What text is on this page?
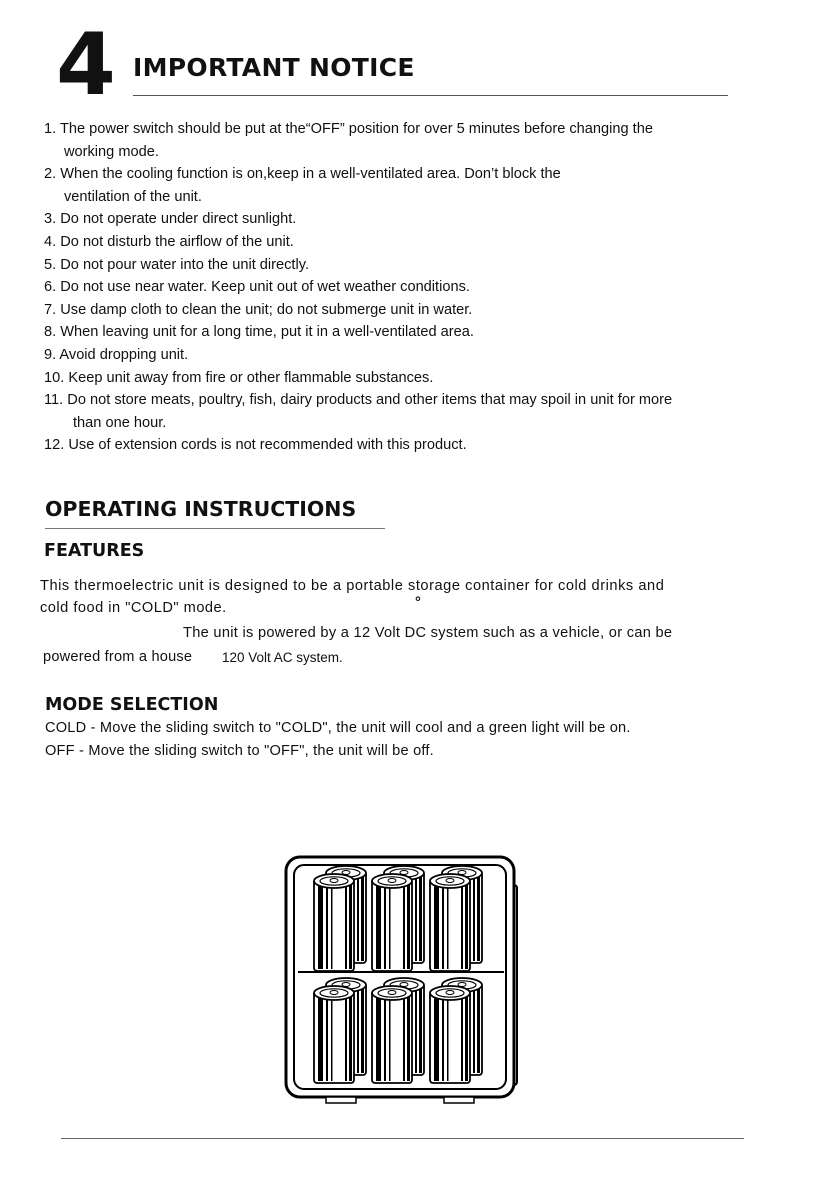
4 IMPORTANT NOTICE
1. The power switch should be put at the“OFF” position for over 5 minutes before changing the
working mode.
2. When the cooling function is on,keep in a well-ventilated area. Don’t block the
ventilation of the unit.
3. Do not operate under direct sunlight.
4. Do not disturb the airflow of the unit.
5. Do not pour water into the unit directly.
6. Do not use near water. Keep unit out of wet weather conditions.
7. Use damp cloth to clean the unit; do not submerge unit in water.
8. When leaving unit for a long time, put it in a well-ventilated area.
9. Avoid dropping unit.
10. Keep unit away from fire or other flammable substances.
11. Do not store meats, poultry, fish, dairy products and other items that may spoil in unit for more
than one hour.
12. Use of extension cords is not recommended with this product.
OPERATING INSTRUCTIONS
FEATURES
This thermoelectric unit is designed to be a portable storage container for cold drinks and
cold food in "COLD" mode.	°
The unit is powered by a 12 Volt DC system such as a vehicle, or can be
powered from a house 120 Volt AC system.
MODE SELECTION
COLD - Move the sliding switch to "COLD", the unit will cool and a green light will be on.
OFF - Move the sliding switch to "OFF", the unit will be off.
